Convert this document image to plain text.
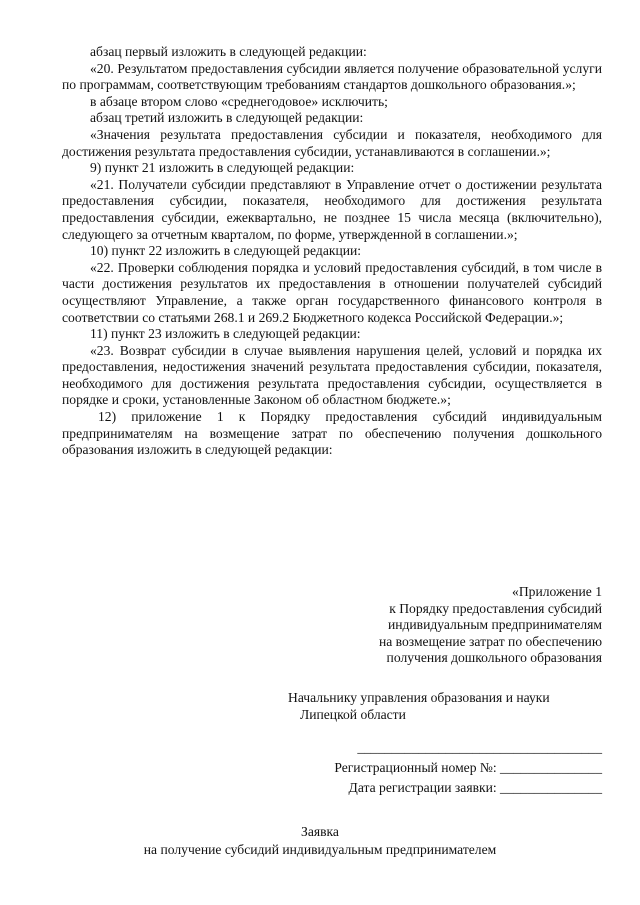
абзац первый изложить в следующей редакции:

«20. Результатом предоставления субсидии является получение образовательной услуги по программам, соответствующим требованиям стандартов дошкольного образования.»;

в абзаце втором слово «среднегодовое» исключить;

абзац третий изложить в следующей редакции:

«Значения результата предоставления субсидии и показателя, необходимого для достижения результата предоставления субсидии, устанавливаются в соглашении.»;

9) пункт 21 изложить в следующей редакции:

«21. Получатели субсидии представляют в Управление отчет о достижении результата предоставления субсидии, показателя, необходимого для достижения результата предоставления субсидии, ежеквартально, не позднее 15 числа месяца (включительно), следующего за отчетным кварталом, по форме, утвержденной в соглашении.»;

10) пункт 22 изложить в следующей редакции:

«22. Проверки соблюдения порядка и условий предоставления субсидий, в том числе в части достижения результатов их предоставления в отношении получателей субсидий осуществляют Управление, а также орган государственного финансового контроля в соответствии со статьями 268.1 и 269.2 Бюджетного кодекса Российской Федерации.»;

11) пункт 23 изложить в следующей редакции:

«23. Возврат субсидии в случае выявления нарушения целей, условий и порядка их предоставления, недостижения значений результата предоставления субсидии, показателя, необходимого для достижения результата предоставления субсидии, осуществляется в порядке и сроки, установленные Законом об областном бюджете.»;

12) приложение 1 к Порядку предоставления субсидий индивидуальным предпринимателям на возмещение затрат по обеспечению получения дошкольного образования изложить в следующей редакции:

«Приложение 1
к Порядку предоставления субсидий
индивидуальным предпринимателям
на возмещение затрат по обеспечению
получения дошкольного образования
Начальнику управления образования и науки
Липецкой области
____________________________________
Регистрационный номер №: _______________
Дата регистрации заявки: _______________
Заявка
на получение субсидий индивидуальным предпринимателем
